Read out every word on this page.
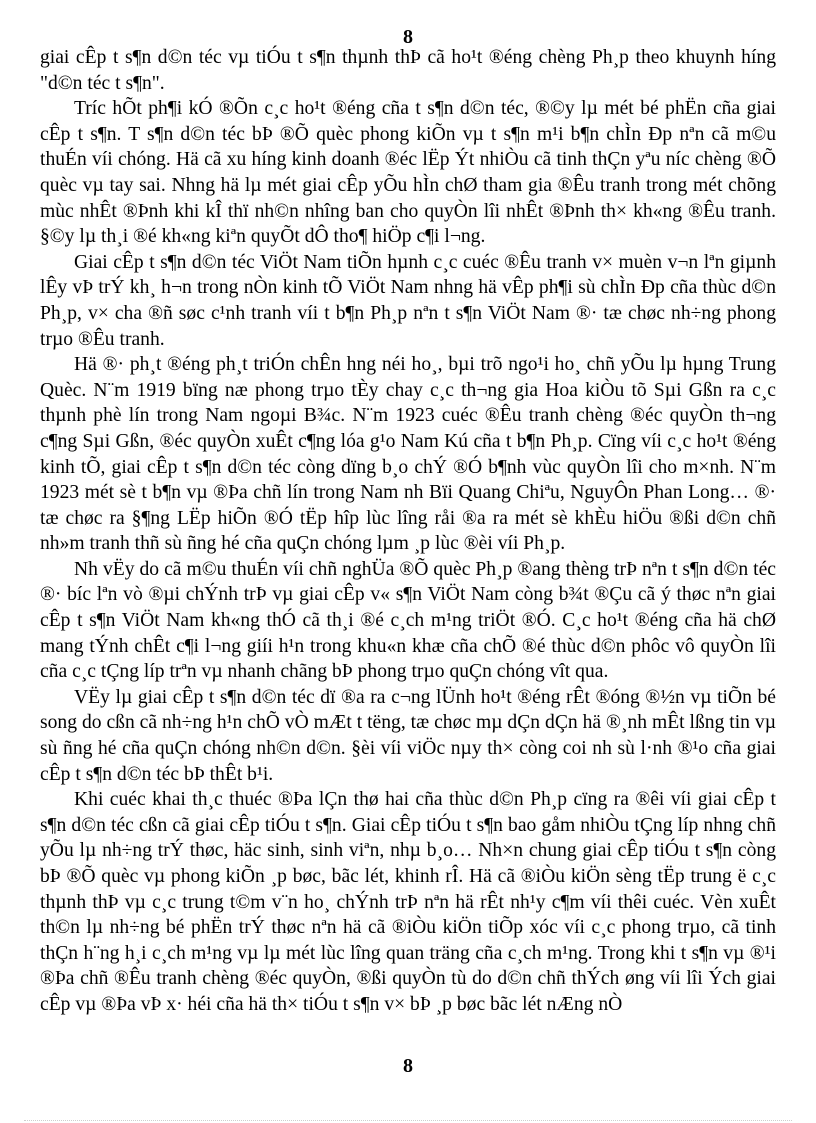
8

giai cÊp t s¶n d©n téc vµ tiÓu t s¶n thµnh thÞ cã ho¹t ®éng chèng Ph¸p theo khuynh híng "d©n téc t s¶n".

Tríc hÕt ph¶i kÓ ®Õn c¸c ho¹t ®éng cña t s¶n d©n téc, ®©y lµ mét bé phËn cña giai cÊp t s¶n. T s¶n d©n téc bÞ ®Õ quèc phong kiÕn vµ t s¶n m¹i b¶n chÌn Ðp nªn cã m©u thuÉn víi chóng. Hä cã xu híng kinh doanh ®éc lËp Ýt nhiÒu cã tinh thÇn yªu níc chèng ®Õ quèc vµ tay sai. Nhng hä lµ mét giai cÊp yÕu hÌn chØ tham gia ®Êu tranh trong mét chõng mùc nhÊt ®Þnh khi kÎ thï nh©n nhîng ban cho quyÒn lîi nhÊt ®Þnh th× kh«ng ®Êu tranh. §©y lµ th¸i ®é kh«ng kiªn quyÕt dÔ tho¶ hiÖp c¶i l¬ng.

Giai cÊp t s¶n d©n téc ViÖt Nam tiÕn hµnh c¸c cuéc ®Êu tranh v× muèn v¬n lªn giµnh lÊy vÞ trÝ kh¸ h¬n trong nÒn kinh tÕ ViÖt Nam nhng hä vÊp ph¶i sù chÌn Ðp cña thùc d©n Ph¸p, v× cha ®ñ søc c¹nh tranh víi t b¶n Ph¸p nªn t s¶n ViÖt Nam ®· tæ chøc nh÷ng phong trµo ®Êu tranh.

Hä ®· ph¸t ®éng ph¸t triÓn chÊn hng néi ho¸, bµi trõ ngo¹i ho¸ chñ yÕu lµ hµng Trung Quèc. N¨m 1919 bïng næ phong trµo tÈy chay c¸c th¬ng gia Hoa kiÒu tõ Sµi Gßn ra c¸c thµnh phè lín trong Nam ngoµi B¾c. N¨m 1923 cuéc ®Êu tranh chèng ®éc quyÒn th¬ng c¶ng Sµi Gßn, ®éc quyÒn xuÊt c¶ng lóa g¹o Nam Kú cña t b¶n Ph¸p. Cïng víi c¸c ho¹t ®éng kinh tÕ, giai cÊp t s¶n d©n téc còng dïng b¸o chÝ ®Ó b¶nh vùc quyÒn lîi cho m×nh. N¨m 1923 mét sè t b¶n vµ ®Þa chñ lín trong Nam nh Bïi Quang Chiªu, NguyÔn Phan Long… ®· tæ chøc ra §¶ng LËp hiÕn ®Ó tËp hîp lùc lîng råi ®a ra mét sè khÈu hiÖu ®ßi d©n chñ nh»m tranh thñ sù ñng hé cña quÇn chóng lµm ¸p lùc ®èi víi Ph¸p.

Nh vËy do cã m©u thuÉn víi chñ nghÜa ®Õ quèc Ph¸p ®ang thèng trÞ nªn t s¶n d©n téc ®· bíc lªn vò ®µi chÝnh trÞ vµ giai cÊp v« s¶n ViÖt Nam còng b¾t ®Çu cã ý thøc nªn giai cÊp t s¶n ViÖt Nam kh«ng thÓ cã th¸i ®é c¸ch m¹ng triÖt ®Ó. C¸c ho¹t ®éng cña hä chØ mang tÝnh chÊt c¶i l¬ng giíi h¹n trong khu«n khæ cña chÕ ®é thùc d©n phôc vô quyÒn lîi cña c¸c tÇng líp trªn vµ nhanh chãng bÞ phong trµo quÇn chóng vît qua.

VËy lµ giai cÊp t s¶n d©n téc dï ®a ra c¬ng lÜnh ho¹t ®éng rÊt ®óng ®½n vµ tiÕn bé song do cßn cã nh÷ng h¹n chÕ vÒ mÆt t tëng, tæ chøc mµ dÇn dÇn hä ®¸nh mÊt lßng tin vµ sù ñng hé cña quÇn chóng nh©n d©n. §èi víi viÖc nµy th× còng coi nh sù l·nh ®¹o cña giai cÊp t s¶n d©n téc bÞ thÊt b¹i.

Khi cuéc khai th¸c thuéc ®Þa lÇn thø hai cña thùc d©n Ph¸p cïng ra ®êi víi giai cÊp t s¶n d©n téc cßn cã giai cÊp tiÓu t s¶n. Giai cÊp tiÓu t s¶n bao gåm nhiÒu tÇng líp nhng chñ yÕu lµ nh÷ng trÝ thøc, häc sinh, sinh viªn, nhµ b¸o… Nh×n chung giai cÊp tiÓu t s¶n còng bÞ ®Õ quèc vµ phong kiÕn ¸p bøc, bãc lét, khinh rÎ. Hä cã ®iÒu kiÖn sèng tËp trung ë c¸c thµnh thÞ vµ c¸c trung t©m v¨n ho¸ chÝnh trÞ nªn hä rÊt nh¹y c¶m víi thêi cuéc. Vèn xuÊt th©n lµ nh÷ng bé phËn trÝ thøc nªn hä cã ®iÒu kiÖn tiÕp xóc víi c¸c phong trµo, cã tinh thÇn h¨ng h¸i c¸ch m¹ng vµ lµ mét lùc lîng quan träng cña c¸ch m¹ng. Trong khi t s¶n vµ ®¹i ®Þa chñ ®Êu tranh chèng ®éc quyÒn, ®ßi quyÒn tù do d©n chñ thÝch øng víi lîi Ých giai cÊp vµ ®Þa vÞ x· héi cña hä th× tiÓu t s¶n v× bÞ ¸p bøc bãc lét nÆng nÒ

8
